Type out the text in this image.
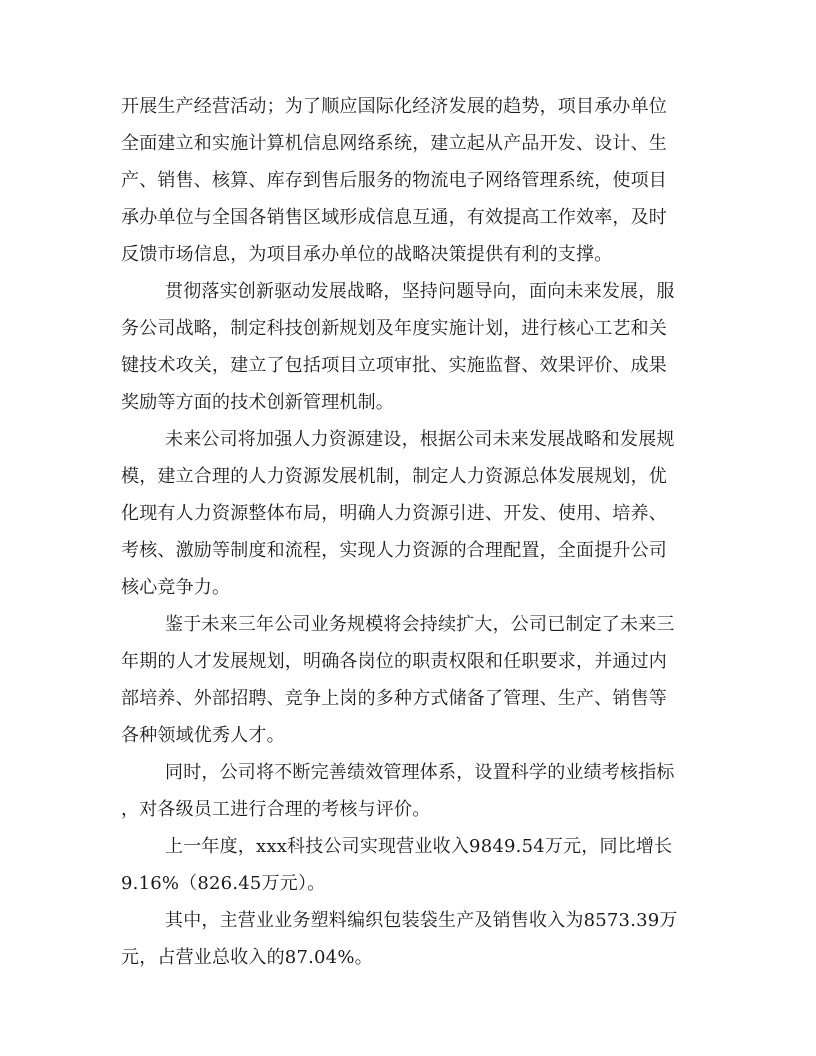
开展生产经营活动；为了顺应国际化经济发展的趋势，项目承办单位
全面建立和实施计算机信息网络系统，建立起从产品开发、设计、生
产、销售、核算、库存到售后服务的物流电子网络管理系统，使项目
承办单位与全国各销售区域形成信息互通，有效提高工作效率，及时
反馈市场信息，为项目承办单位的战略决策提供有利的支撑。
贯彻落实创新驱动发展战略，坚持问题导向，面向未来发展，服
务公司战略，制定科技创新规划及年度实施计划，进行核心工艺和关
键技术攻关，建立了包括项目立项审批、实施监督、效果评价、成果
奖励等方面的技术创新管理机制。
未来公司将加强人力资源建设，根据公司未来发展战略和发展规
模，建立合理的人力资源发展机制，制定人力资源总体发展规划，优
化现有人力资源整体布局，明确人力资源引进、开发、使用、培养、
考核、激励等制度和流程，实现人力资源的合理配置，全面提升公司
核心竞争力。
鉴于未来三年公司业务规模将会持续扩大，公司已制定了未来三
年期的人才发展规划，明确各岗位的职责权限和任职要求，并通过内
部培养、外部招聘、竞争上岗的多种方式储备了管理、生产、销售等
各种领域优秀人才。
同时，公司将不断完善绩效管理体系，设置科学的业绩考核指标
，对各级员工进行合理的考核与评价。
上一年度，xxx科技公司实现营业收入9849.54万元，同比增长
9.16%（826.45万元）。
其中，主营业业务塑料编织包装袋生产及销售收入为8573.39万
元，占营业总收入的87.04%。
